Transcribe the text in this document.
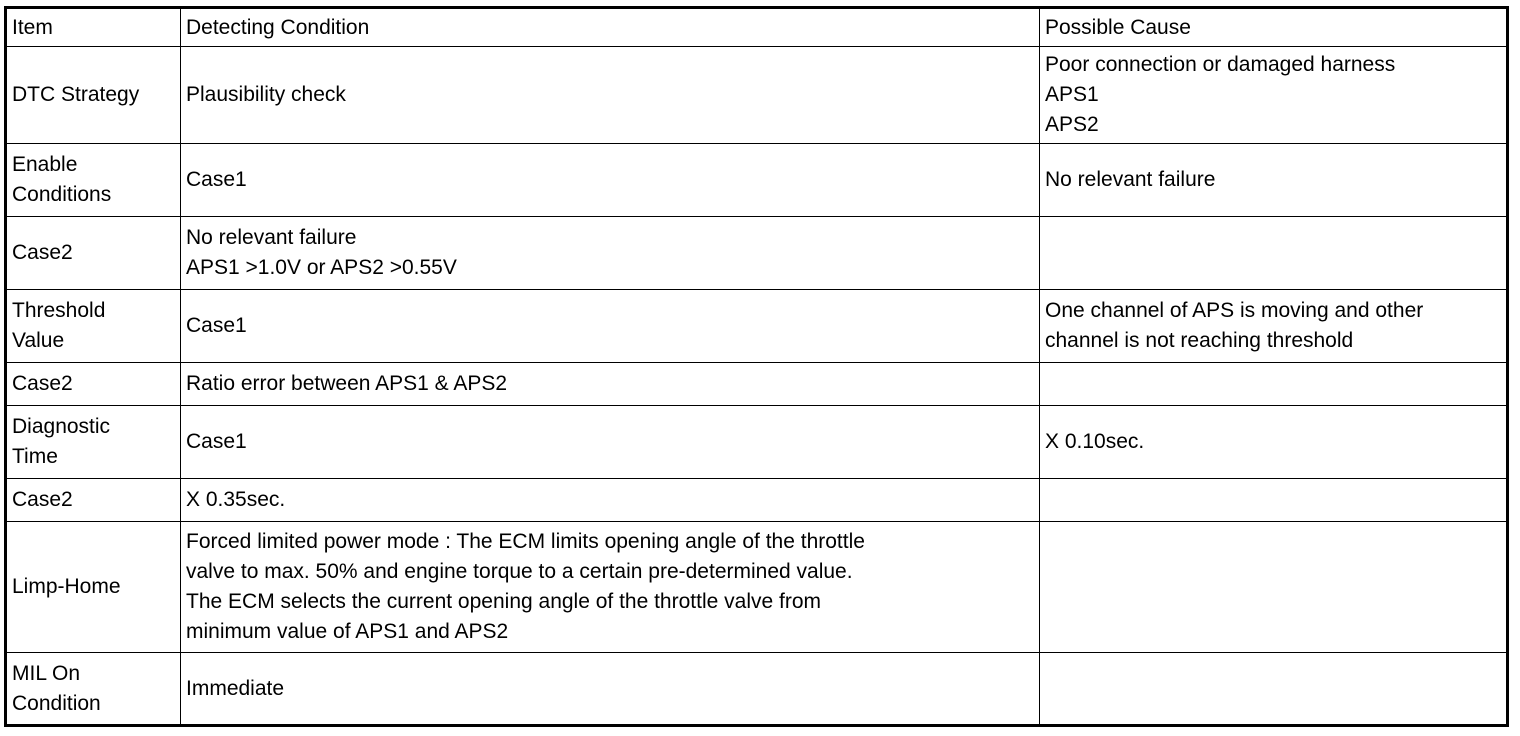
Item	Detecting Condition	Possible Cause
DTC Strategy	Plausibility check	Poor connection or damaged harness
APS1
APS2
Enable
Conditions	Case1	No relevant failure
Case2	No relevant failure
APS1 >1.0V or APS2 >0.55V	
Threshold
Value	Case1	One channel of APS is moving and other
channel is not reaching threshold
Case2	Ratio error between APS1 & APS2	
Diagnostic
Time	Case1	X 0.10sec.
Case2	X 0.35sec.	
Limp-Home	Forced limited power mode : The ECM limits opening angle of the throttle
valve to max. 50% and engine torque to a certain pre-determined value.
The ECM selects the current opening angle of the throttle valve from
minimum value of APS1 and APS2	
MIL On
Condition	Immediate	
